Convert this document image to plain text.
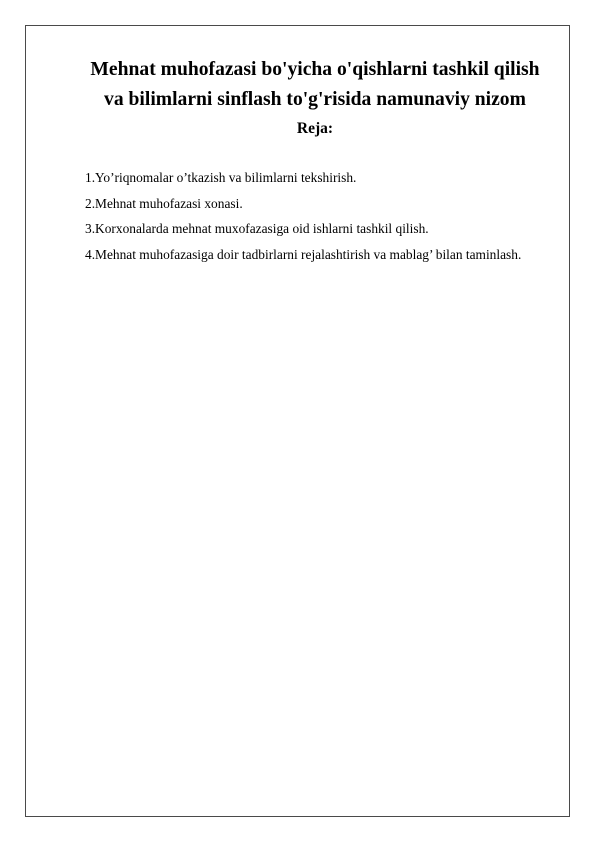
Mehnat muhofazasi bo'yicha o'qishlarni tashkil qilish
va bilimlarni sinflash to'g'risida namunaviy nizom

Reja:

1.Yo’riqnomalar o’tkazish va bilimlarni tekshirish.
2.Mehnat muhofazasi xonasi.
3.Korxonalarda mehnat muxofazasiga oid ishlarni tashkil qilish.
4.Mehnat muhofazasiga doir tadbirlarni rejalashtirish va mablag’ bilan taminlash.
